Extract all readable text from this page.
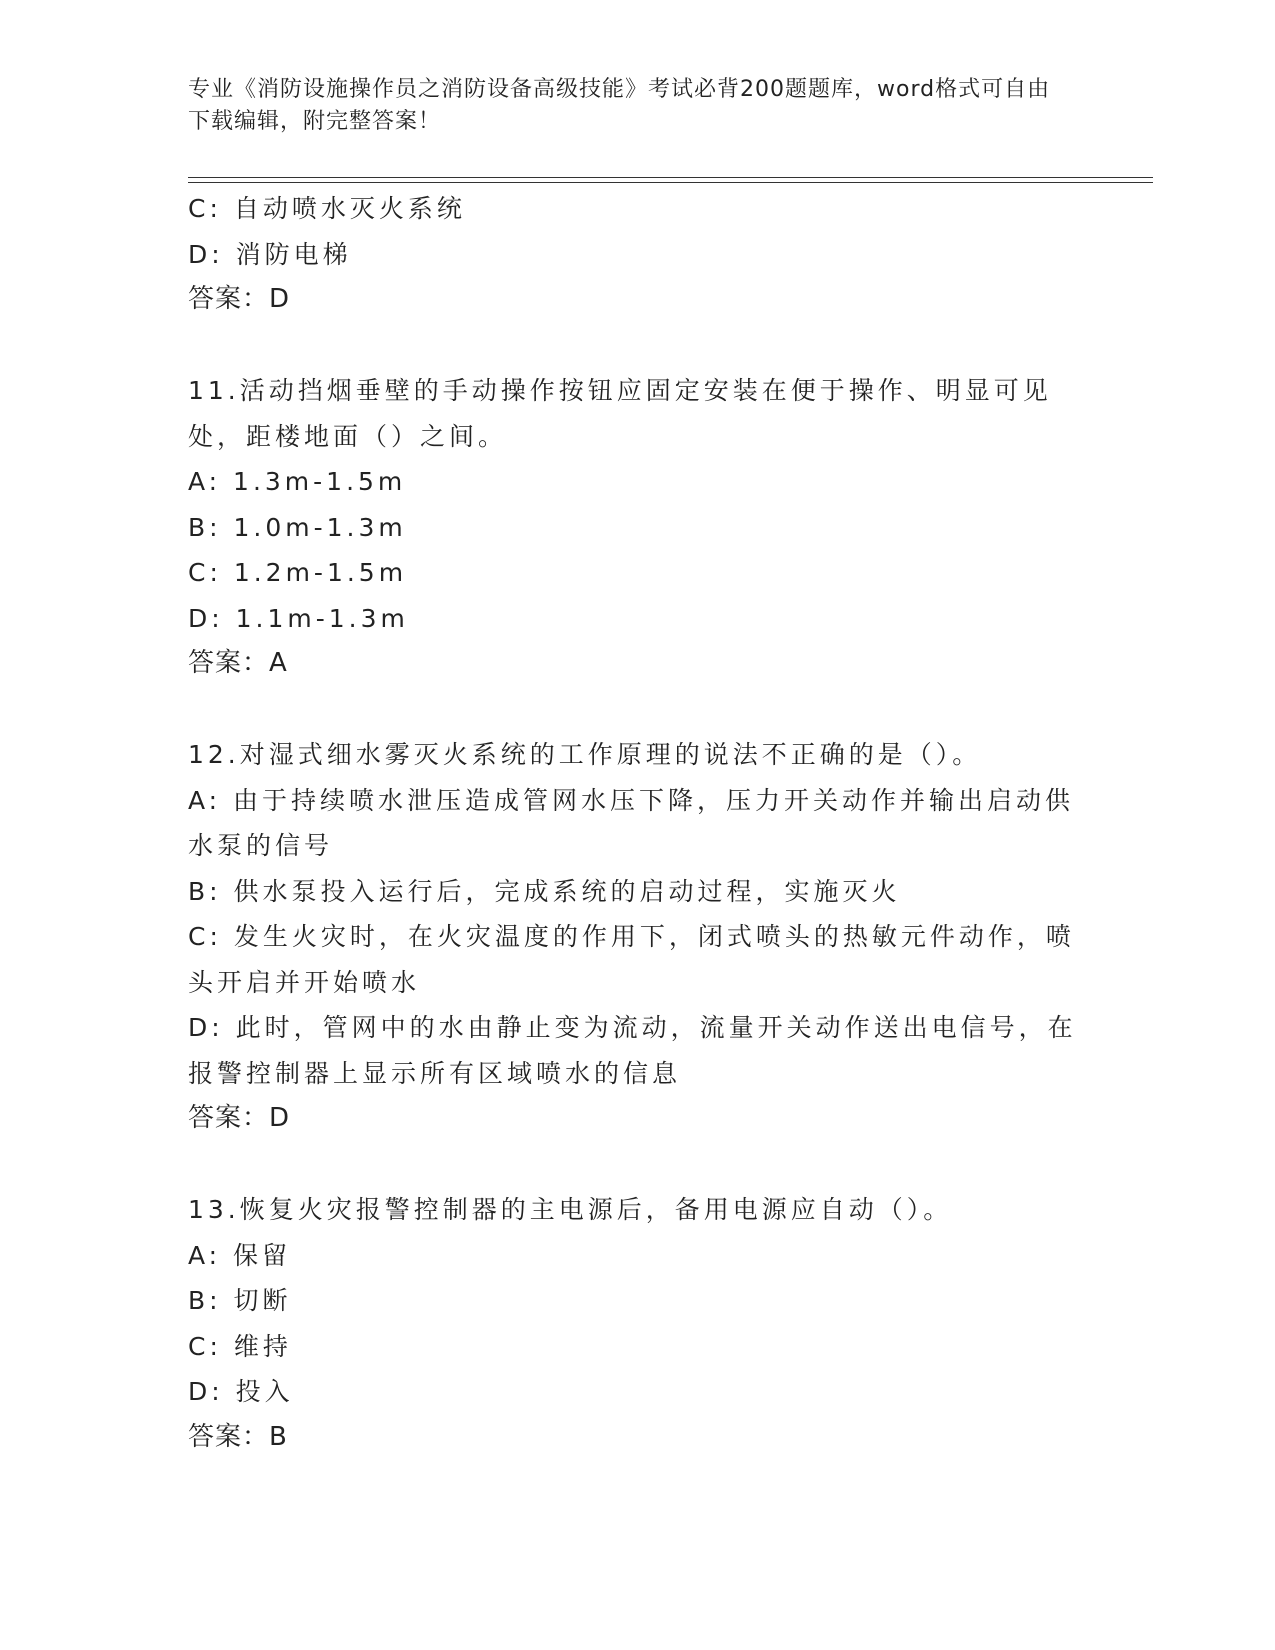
专业《消防设施操作员之消防设备高级技能》考试必背200题题库，word格式可自由下载编辑，附完整答案！

C: 自动喷水灭火系统

D: 消防电梯

答案：D

11.活动挡烟垂壁的手动操作按钮应固定安装在便于操作、明显可见处，距楼地面（）之间。

A: 1.3m-1.5m

B: 1.0m-1.3m

C: 1.2m-1.5m

D: 1.1m-1.3m

答案：A

12.对湿式细水雾灭火系统的工作原理的说法不正确的是（）。

A: 由于持续喷水泄压造成管网水压下降，压力开关动作并输出启动供水泵的信号

B: 供水泵投入运行后，完成系统的启动过程，实施灭火

C: 发生火灾时，在火灾温度的作用下，闭式喷头的热敏元件动作，喷头开启并开始喷水

D: 此时，管网中的水由静止变为流动，流量开关动作送出电信号，在报警控制器上显示所有区域喷水的信息

答案：D

13.恢复火灾报警控制器的主电源后，备用电源应自动（）。

A: 保留

B: 切断

C: 维持

D: 投入

答案：B
